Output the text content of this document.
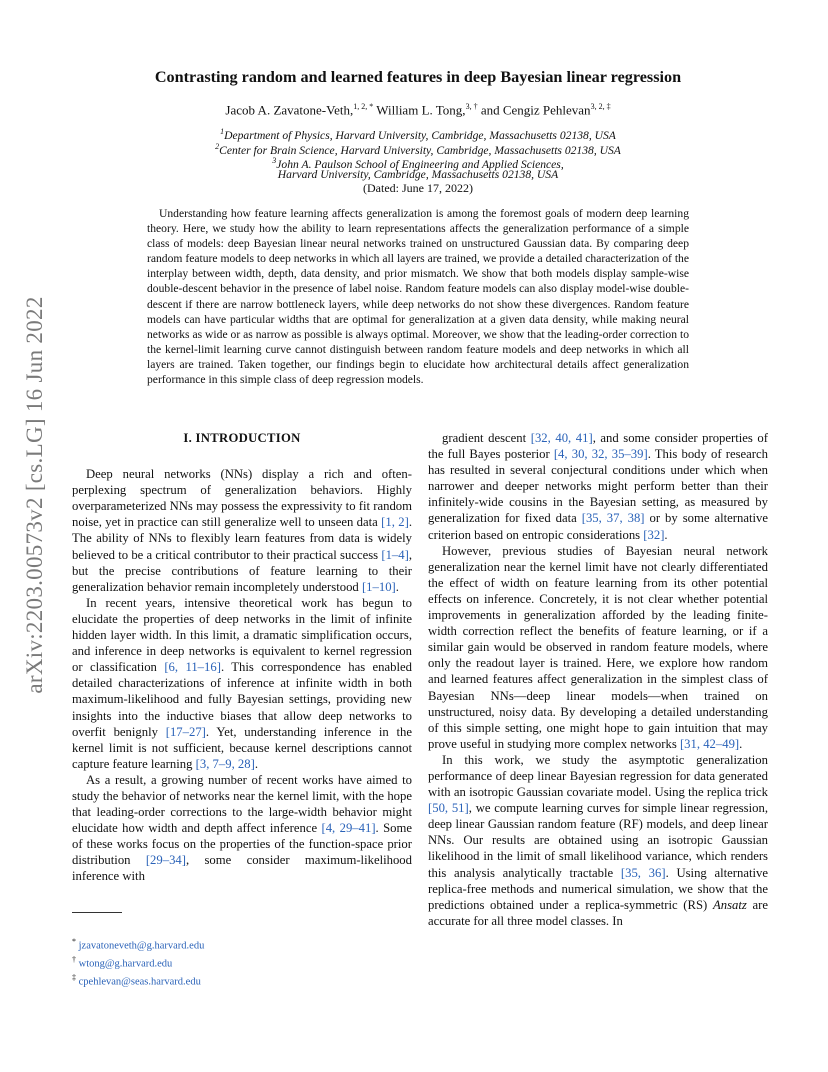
arXiv:2203.00573v2 [cs.LG] 16 Jun 2022
Contrasting random and learned features in deep Bayesian linear regression
Jacob A. Zavatone-Veth,$^{1, 2, *}$ William L. Tong,$^{3, \dagger}$ and Cengiz Pehlevan$^{3, 2, \ddagger}$
$^1$Department of Physics, Harvard University, Cambridge, Massachusetts 02138, USA
$^2$Center for Brain Science, Harvard University, Cambridge, Massachusetts 02138, USA
$^3$John A. Paulson School of Engineering and Applied Sciences,
Harvard University, Cambridge, Massachusetts 02138, USA
(Dated: June 17, 2022)

Understanding how feature learning affects generalization is among the foremost goals of modern deep learning theory. Here, we study how the ability to learn representations affects the generalization performance of a simple class of models: deep Bayesian linear neural networks trained on unstructured Gaussian data. By comparing deep random feature models to deep networks in which all layers are trained, we provide a detailed characterization of the interplay between width, depth, data density, and prior mismatch. We show that both models display sample-wise double-descent behavior in the presence of label noise. Random feature models can also display model-wise double-descent if there are narrow bottleneck layers, while deep networks do not show these divergences. Random feature models can have particular widths that are optimal for generalization at a given data density, while making neural networks as wide or as narrow as possible is always optimal. Moreover, we show that the leading-order correction to the kernel-limit learning curve cannot distinguish between random feature models and deep networks in which all layers are trained. Taken together, our findings begin to elucidate how architectural details affect generalization performance in this simple class of deep regression models.

I. INTRODUCTION

Deep neural networks (NNs) display a rich and often-perplexing spectrum of generalization behaviors. Highly overparameterized NNs may possess the expressivity to fit random noise, yet in practice can still generalize well to unseen data [1, 2]. The ability of NNs to flexibly learn features from data is widely believed to be a critical contributor to their practical success [1–4], but the precise contributions of feature learning to their generalization behavior remain incompletely understood [1–10].

In recent years, intensive theoretical work has begun to elucidate the properties of deep networks in the limit of infinite hidden layer width. In this limit, a dramatic simplification occurs, and inference in deep networks is equivalent to kernel regression or classification [6, 11–16]. This correspondence has enabled detailed characterizations of inference at infinite width in both maximum-likelihood and fully Bayesian settings, providing new insights into the inductive biases that allow deep networks to overfit benignly [17–27]. Yet, understanding inference in the kernel limit is not sufficient, because kernel descriptions cannot capture feature learning [3, 7–9, 28].

As a result, a growing number of recent works have aimed to study the behavior of networks near the kernel limit, with the hope that leading-order corrections to the large-width behavior might elucidate how width and depth affect inference [4, 29–41]. Some of these works focus on the properties of the function-space prior distribution [29–34], some consider maximum-likelihood inference with

gradient descent [32, 40, 41], and some consider properties of the full Bayes posterior [4, 30, 32, 35–39]. This body of research has resulted in several conjectural conditions under which when narrower and deeper networks might perform better than their infinitely-wide cousins in the Bayesian setting, as measured by generalization for fixed data [35, 37, 38] or by some alternative criterion based on entropic considerations [32].

However, previous studies of Bayesian neural network generalization near the kernel limit have not clearly differentiated the effect of width on feature learning from its other potential effects on inference. Concretely, it is not clear whether potential improvements in generalization afforded by the leading finite-width correction reflect the benefits of feature learning, or if a similar gain would be observed in random feature models, where only the readout layer is trained. Here, we explore how random and learned features affect generalization in the simplest class of Bayesian NNs—deep linear models—when trained on unstructured, noisy data. By developing a detailed understanding of this simple setting, one might hope to gain intuition that may prove useful in studying more complex networks [31, 42–49].

In this work, we study the asymptotic generalization performance of deep linear Bayesian regression for data generated with an isotropic Gaussian covariate model. Using the replica trick [50, 51], we compute learning curves for simple linear regression, deep linear Gaussian random feature (RF) models, and deep linear NNs. Our results are obtained using an isotropic Gaussian likelihood in the limit of small likelihood variance, which renders this analysis analytically tractable [35, 36]. Using alternative replica-free methods and numerical simulation, we show that the predictions obtained under a replica-symmetric (RS) Ansatz are accurate for all three model classes. In

* jzavatoneveth@g.harvard.edu
† wtong@g.harvard.edu
‡ cpehlevan@seas.harvard.edu
